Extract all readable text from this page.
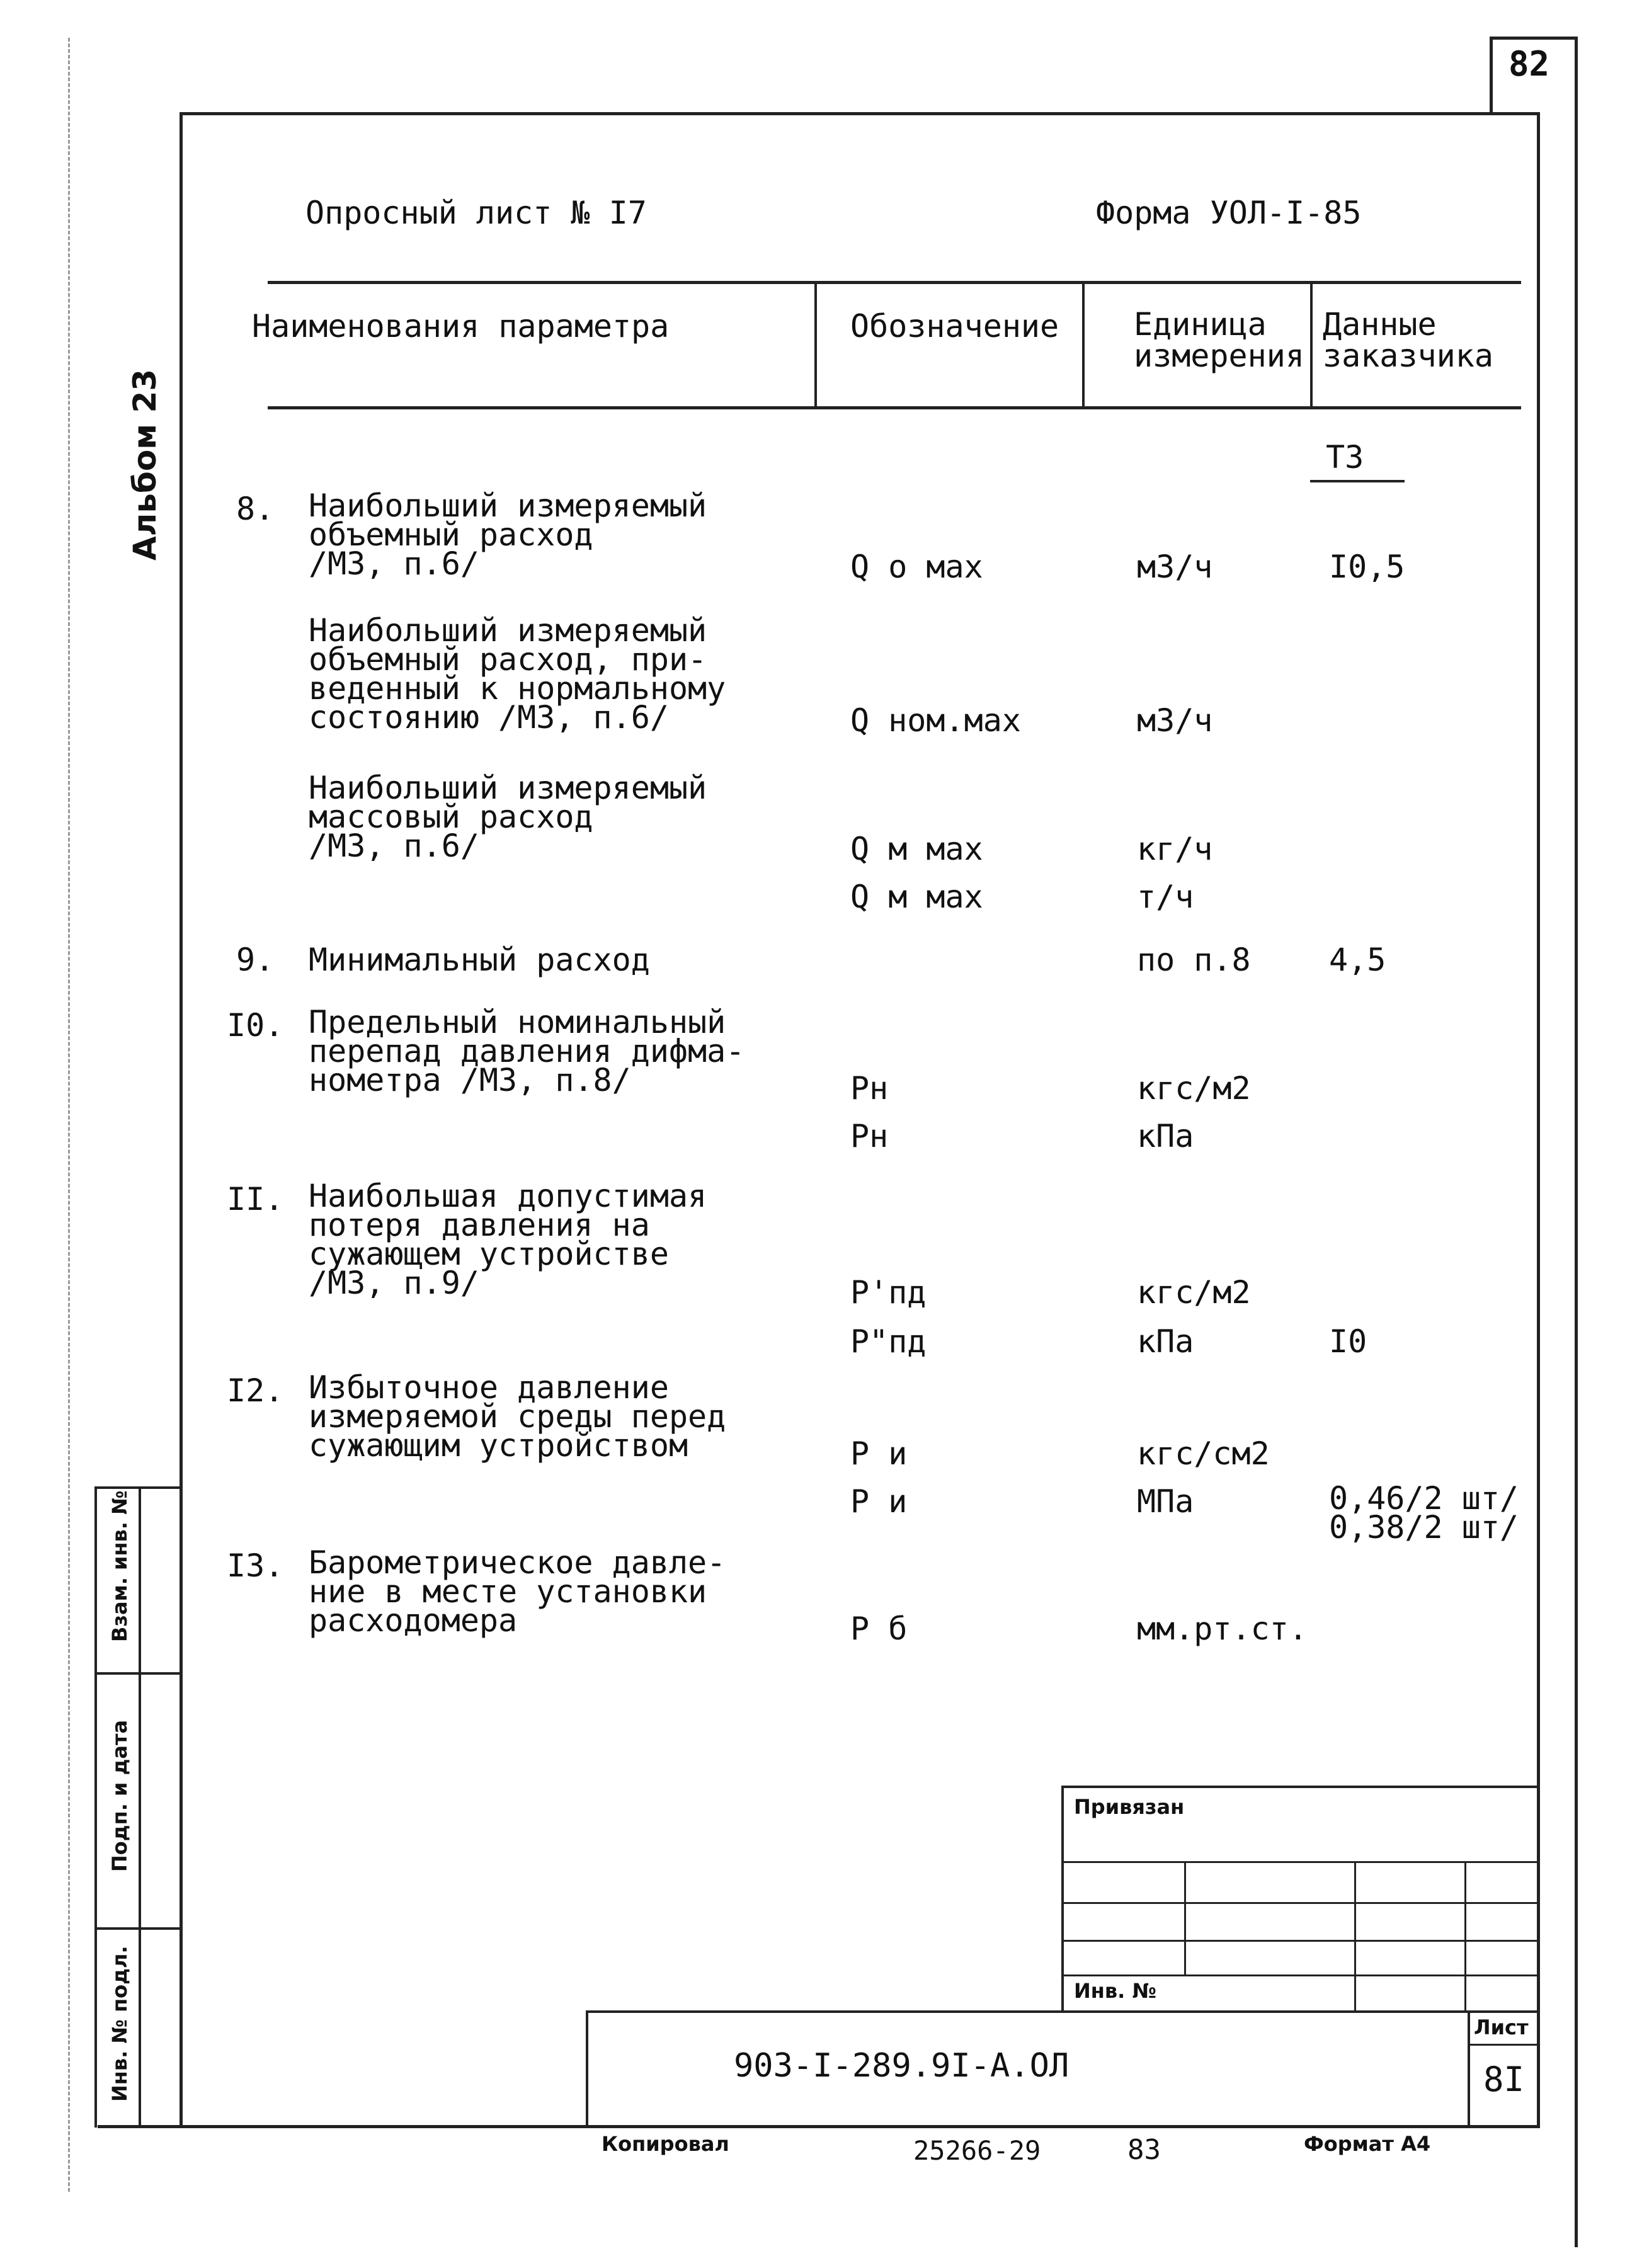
82
Альбом 23
Опросный лист № I7	Форма УОЛ-I-85
Наименования параметра	Обозначение Единица
измерения
Данные
заказчика
Т3
8. Наибольший измеряемый
объемный расход
/М3, п.6/	Q о мах	м3/ч	I0,5
Наибольший измеряемый
объемный расход, при-
веденный к нормальному
состоянию /М3, п.6/	Q ном.мах	м3/ч
Наибольший измеряемый
массовый расход
/М3, п.6/	Q м мах	кг/ч
Q м мах	т/ч
9. Минимальный расход	по п.8 4,5
I0. Предельный номинальный
перепад давления дифма-
нометра /М3, п.8/	Рн	кгс/м2
Рн	кПа
II. Наибольшая допустимая
потеря давления на
сужающем устройстве
/М3, п.9/	Р'пд	кгс/м2
Р"пд	кПа	I0
I2. Избыточное давление
измеряемой среды перед
сужающим устройством	Р и	кгс/см2
Р и	МПа	0,46/2 шт/
0,38/2 шт/
I3. Барометрическое давле-
ние в месте установки
расходомера	Р б	мм.рт.ст.
Взам. инв. №
Подп. и дата
Инв. № подл.
Привязан
Инв. №
903-I-289.9I-А.ОЛ
Лист
8I
Копировал	25266-29	83	Формат А4
